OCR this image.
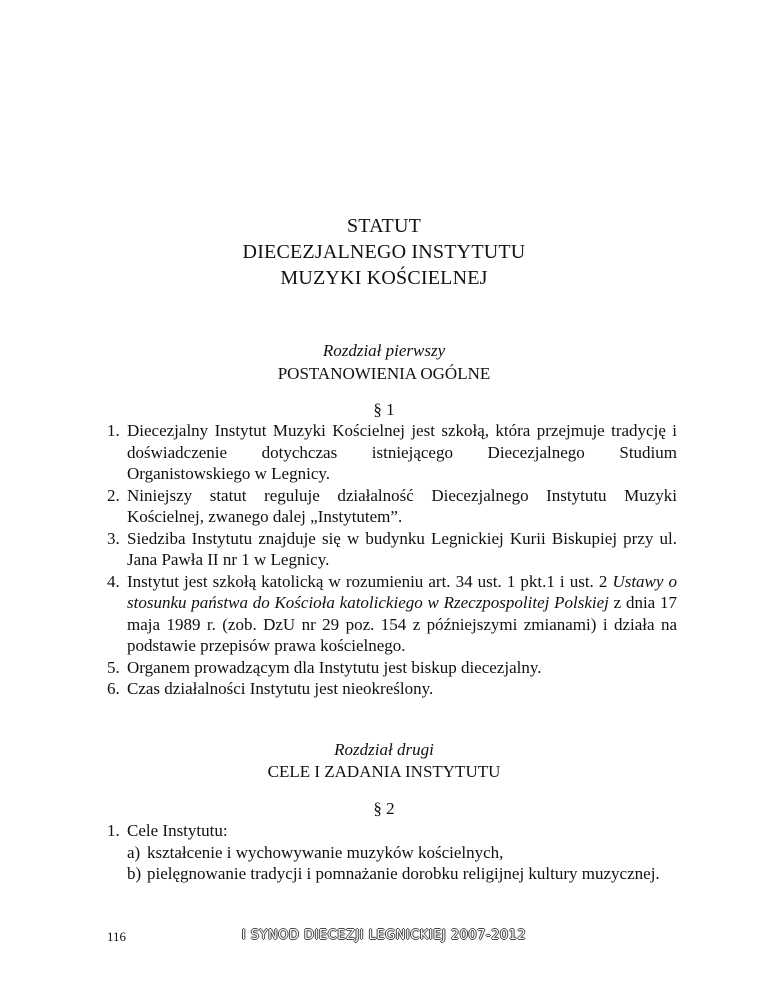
STATUT
DIECEZJALNEGO INSTYTUTU
MUZYKI KOŚCIELNEJ
Rozdział pierwszy
POSTANOWIENIA OGÓLNE
§ 1
1. Diecezjalny Instytut Muzyki Kościelnej jest szkołą, która przejmuje tradycję i doświadczenie dotychczas istniejącego Diecezjalnego Studium Organistowskiego w Legnicy.
2. Niniejszy statut reguluje działalność Diecezjalnego Instytutu Muzyki Kościelnej, zwanego dalej „Instytutem”.
3. Siedziba Instytutu znajduje się w budynku Legnickiej Kurii Biskupiej przy ul. Jana Pawła II nr 1 w Legnicy.
4. Instytut jest szkołą katolicką w rozumieniu art. 34 ust. 1 pkt.1 i ust. 2 Ustawy o stosunku państwa do Kościoła katolickiego w Rzeczpospolitej Polskiej z dnia 17 maja 1989 r. (zob. DzU nr 29 poz. 154 z późniejszymi zmianami) i działa na podstawie przepisów prawa kościelnego.
5. Organem prowadzącym dla Instytutu jest biskup diecezjalny.
6. Czas działalności Instytutu jest nieokreślony.
Rozdział drugi
CELE I ZADANIA INSTYTUTU
§ 2
1. Cele Instytutu:
a) kształcenie i wychowywanie muzyków kościelnych,
b) pielęgnowanie tradycji i pomnażanie dorobku religijnej kultury muzycznej.
116	I SYNOD DIECEZJI LEGNICKIEJ 2007-2012
